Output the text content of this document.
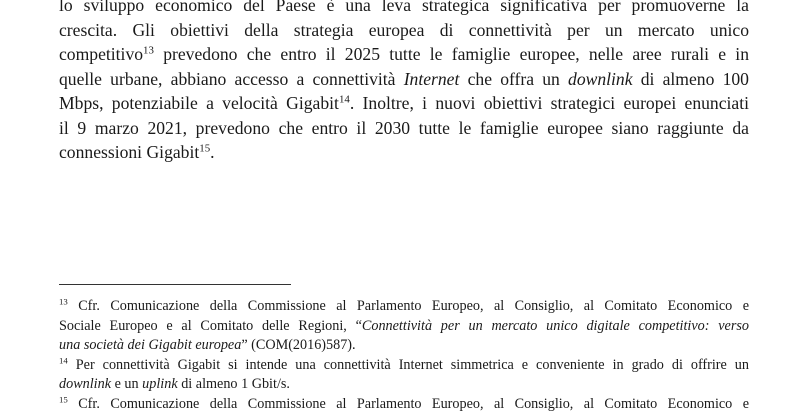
lo sviluppo economico del Paese è una leva strategica significativa per promuoverne la
crescita. Gli obiettivi della strategia europea di connettività per un mercato unico
competitivo$^{13}$ prevedono che entro il 2025 tutte le famiglie europee, nelle aree rurali e in
quelle urbane, abbiano accesso a connettività Internet che offra un downlink di almeno 100
Mbps, potenziabile a velocità Gigabit$^{14}$. Inoltre, i nuovi obiettivi strategici europei enunciati
il 9 marzo 2021, prevedono che entro il 2030 tutte le famiglie europee siano raggiunte da
connessioni Gigabit$^{15}$.
$^{13}$ Cfr. Comunicazione della Commissione al Parlamento Europeo, al Consiglio, al Comitato Economico e
Sociale Europeo e al Comitato delle Regioni, “Connettività per un mercato unico digitale competitivo: verso
una società dei Gigabit europea” (COM(2016)587).
$^{14}$ Per connettività Gigabit si intende una connettività Internet simmetrica e conveniente in grado di offrire un
downlink e un uplink di almeno 1 Gbit/s.
$^{15}$ Cfr. Comunicazione della Commissione al Parlamento Europeo, al Consiglio, al Comitato Economico e
